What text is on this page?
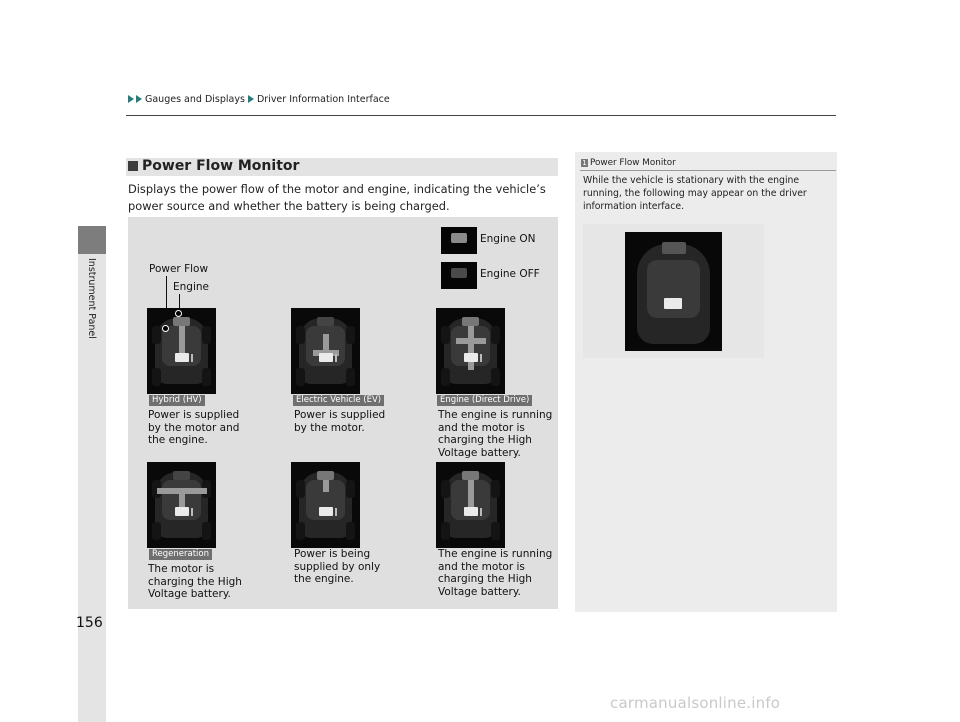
Gauges and Displays Driver Information Interface
Instrument Panel
156
Power Flow Monitor
Displays the power flow of the motor and engine, indicating the vehicle’s power source and whether the battery is being charged.
Engine ON
Engine OFF
Power Flow
Engine
Hybrid (HV)
Power is supplied by the motor and the engine.
Electric Vehicle (EV)
Power is supplied by the motor.
Engine (Direct Drive)
The engine is running and the motor is charging the High Voltage battery.
Regeneration
The motor is charging the High Voltage battery.
Power is being supplied by only the engine.
The engine is running and the motor is charging the High Voltage battery.
1 Power Flow Monitor
While the vehicle is stationary with the engine running, the following may appear on the driver information interface.
carmanualsonline.info
